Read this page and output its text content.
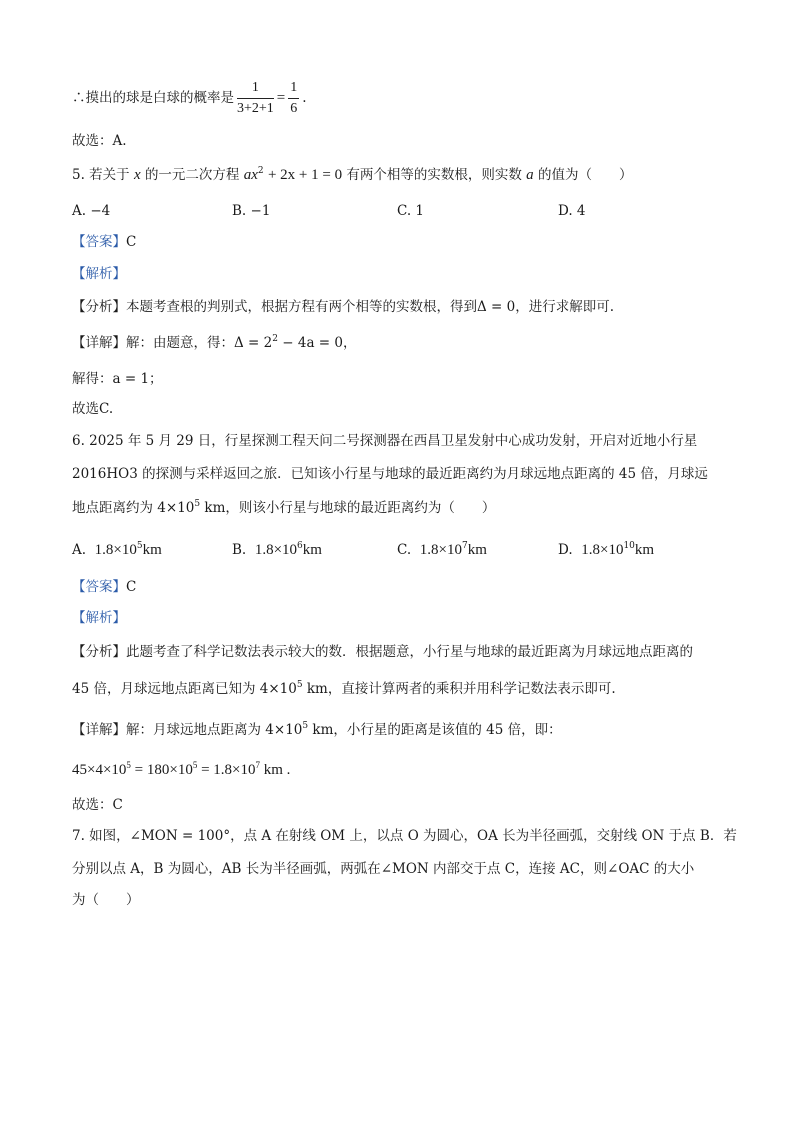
∴摸出的球是白球的概率是 $\frac{1}{3+2+1} = \frac{1}{6}$ .
故选：A.
5. 若关于 x 的一元二次方程 $ax^2 + 2x + 1 = 0$ 有两个相等的实数根，则实数 a 的值为（　　）
A. −4	B. −1	C. 1	D. 4
【答案】C
【解析】
【分析】本题考查根的判别式，根据方程有两个相等的实数根，得到Δ = 0，进行求解即可.
【详解】解：由题意，得：$\Delta = 2^2 - 4a = 0$，
解得：a = 1；
故选C.
6. 2025 年 5 月 29 日，行星探测工程天问二号探测器在西昌卫星发射中心成功发射，开启对近地小行星
2016HO3 的探测与采样返回之旅．已知该小行星与地球的最近距离约为月球远地点距离的 45 倍，月球远
地点距离约为 $4\times 10^5$ km，则该小行星与地球的最近距离约为（　　）
A. $1.8\times 10^5km$	B. $1.8\times 10^6km$	C. $1.8\times 10^7km$	D. $1.8\times 10^{10}km$
【答案】C
【解析】
【分析】此题考查了科学记数法表示较大的数．根据题意，小行星与地球的最近距离为月球远地点距离的
45 倍，月球远地点距离已知为 $4\times 10^5$ km，直接计算两者的乘积并用科学记数法表示即可.
【详解】解：月球远地点距离为 $4\times 10^5$ km，小行星的距离是该值的 45 倍，即：
$45\times 4\times 10^5 = 180\times 10^5 = 1.8\times 10^7$ km .
故选：C
7. 如图，∠MON = 100°，点 A 在射线 OM 上，以点 O 为圆心，OA 长为半径画弧，交射线 ON 于点 B．若
分别以点 A，B 为圆心，AB 长为半径画弧，两弧在∠MON 内部交于点 C，连接 AC，则∠OAC 的大小
为（　　）
